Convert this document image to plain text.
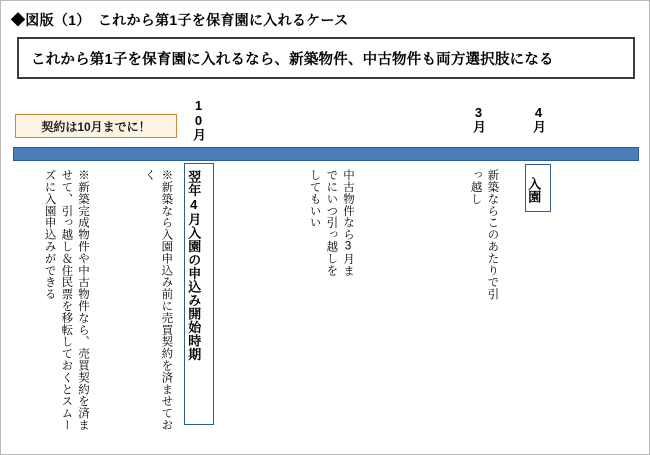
◆図版（1）　これから第1子を保育園に入れるケース
これから第1子を保育園に入れるなら、新築物件、中古物件も両方選択肢になる
契約は10月までに！	10月	3月	4月
※新築完成物件や中古物件なら、売買契約を済ませて、引っ越し＆住民票を移転しておくとスムーズに入園申込みができる	※新築なら入園申込み前に売買契約を済ませておく	中古物件なら3月までにいつ引っ越しをしてもいい	新築ならこのあたりで引っ越し
翌年4月入園の申込み開始時期	入園
